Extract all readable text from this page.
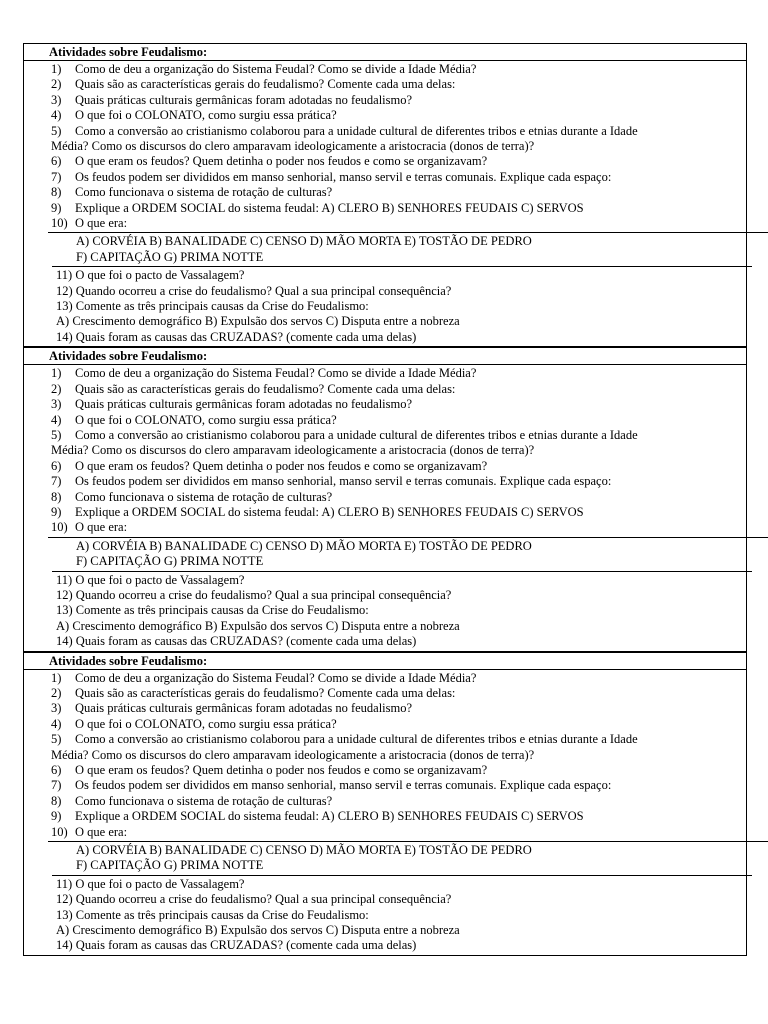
Atividades sobre Feudalismo:
1)	Como de deu a organização do Sistema Feudal? Como se divide a Idade Média?
2)	Quais são as características gerais do feudalismo? Comente cada uma delas:
3)	Quais práticas culturais germânicas foram adotadas no feudalismo?
4)	O que foi o COLONATO, como surgiu essa prática?
5)	Como a conversão ao cristianismo colaborou para a unidade cultural de diferentes tribos e etnias durante a Idade
Média? Como os discursos do clero amparavam ideologicamente a aristocracia (donos de terra)?
6)	O que eram os feudos? Quem detinha o poder nos feudos e como se organizavam?
7)	Os feudos podem ser divididos em manso senhorial, manso servil e terras comunais. Explique cada espaço:
8)	Como funcionava o sistema de rotação de culturas?
9)	Explique a ORDEM SOCIAL do sistema feudal: A) CLERO B) SENHORES FEUDAIS C) SERVOS
10) O que era:
A) CORVÉIA B) BANALIDADE C) CENSO D) MÃO MORTA E) TOSTÃO DE PEDRO
F) CAPITAÇÃO G) PRIMA NOTTE
11) O que foi o pacto de Vassalagem?
12) Quando ocorreu a crise do feudalismo? Qual a sua principal consequência?
13) Comente as três principais causas da Crise do Feudalismo:
A) Crescimento demográfico B) Expulsão dos servos C) Disputa entre a nobreza
14) Quais foram as causas das CRUZADAS? (comente cada uma delas)
Atividades sobre Feudalismo:
1)	Como de deu a organização do Sistema Feudal? Como se divide a Idade Média?
2)	Quais são as características gerais do feudalismo? Comente cada uma delas:
3)	Quais práticas culturais germânicas foram adotadas no feudalismo?
4)	O que foi o COLONATO, como surgiu essa prática?
5)	Como a conversão ao cristianismo colaborou para a unidade cultural de diferentes tribos e etnias durante a Idade
Média? Como os discursos do clero amparavam ideologicamente a aristocracia (donos de terra)?
6)	O que eram os feudos? Quem detinha o poder nos feudos e como se organizavam?
7)	Os feudos podem ser divididos em manso senhorial, manso servil e terras comunais. Explique cada espaço:
8)	Como funcionava o sistema de rotação de culturas?
9)	Explique a ORDEM SOCIAL do sistema feudal: A) CLERO B) SENHORES FEUDAIS C) SERVOS
10) O que era:
A) CORVÉIA B) BANALIDADE C) CENSO D) MÃO MORTA E) TOSTÃO DE PEDRO
F) CAPITAÇÃO G) PRIMA NOTTE
11) O que foi o pacto de Vassalagem?
12) Quando ocorreu a crise do feudalismo? Qual a sua principal consequência?
13) Comente as três principais causas da Crise do Feudalismo:
A) Crescimento demográfico B) Expulsão dos servos C) Disputa entre a nobreza
14) Quais foram as causas das CRUZADAS? (comente cada uma delas)
Atividades sobre Feudalismo:
1)	Como de deu a organização do Sistema Feudal? Como se divide a Idade Média?
2)	Quais são as características gerais do feudalismo? Comente cada uma delas:
3)	Quais práticas culturais germânicas foram adotadas no feudalismo?
4)	O que foi o COLONATO, como surgiu essa prática?
5)	Como a conversão ao cristianismo colaborou para a unidade cultural de diferentes tribos e etnias durante a Idade
Média? Como os discursos do clero amparavam ideologicamente a aristocracia (donos de terra)?
6)	O que eram os feudos? Quem detinha o poder nos feudos e como se organizavam?
7)	Os feudos podem ser divididos em manso senhorial, manso servil e terras comunais. Explique cada espaço:
8)	Como funcionava o sistema de rotação de culturas?
9)	Explique a ORDEM SOCIAL do sistema feudal: A) CLERO B) SENHORES FEUDAIS C) SERVOS
10) O que era:
A) CORVÉIA B) BANALIDADE C) CENSO D) MÃO MORTA E) TOSTÃO DE PEDRO
F) CAPITAÇÃO G) PRIMA NOTTE
11) O que foi o pacto de Vassalagem?
12) Quando ocorreu a crise do feudalismo? Qual a sua principal consequência?
13) Comente as três principais causas da Crise do Feudalismo:
A) Crescimento demográfico B) Expulsão dos servos C) Disputa entre a nobreza
14) Quais foram as causas das CRUZADAS? (comente cada uma delas)
